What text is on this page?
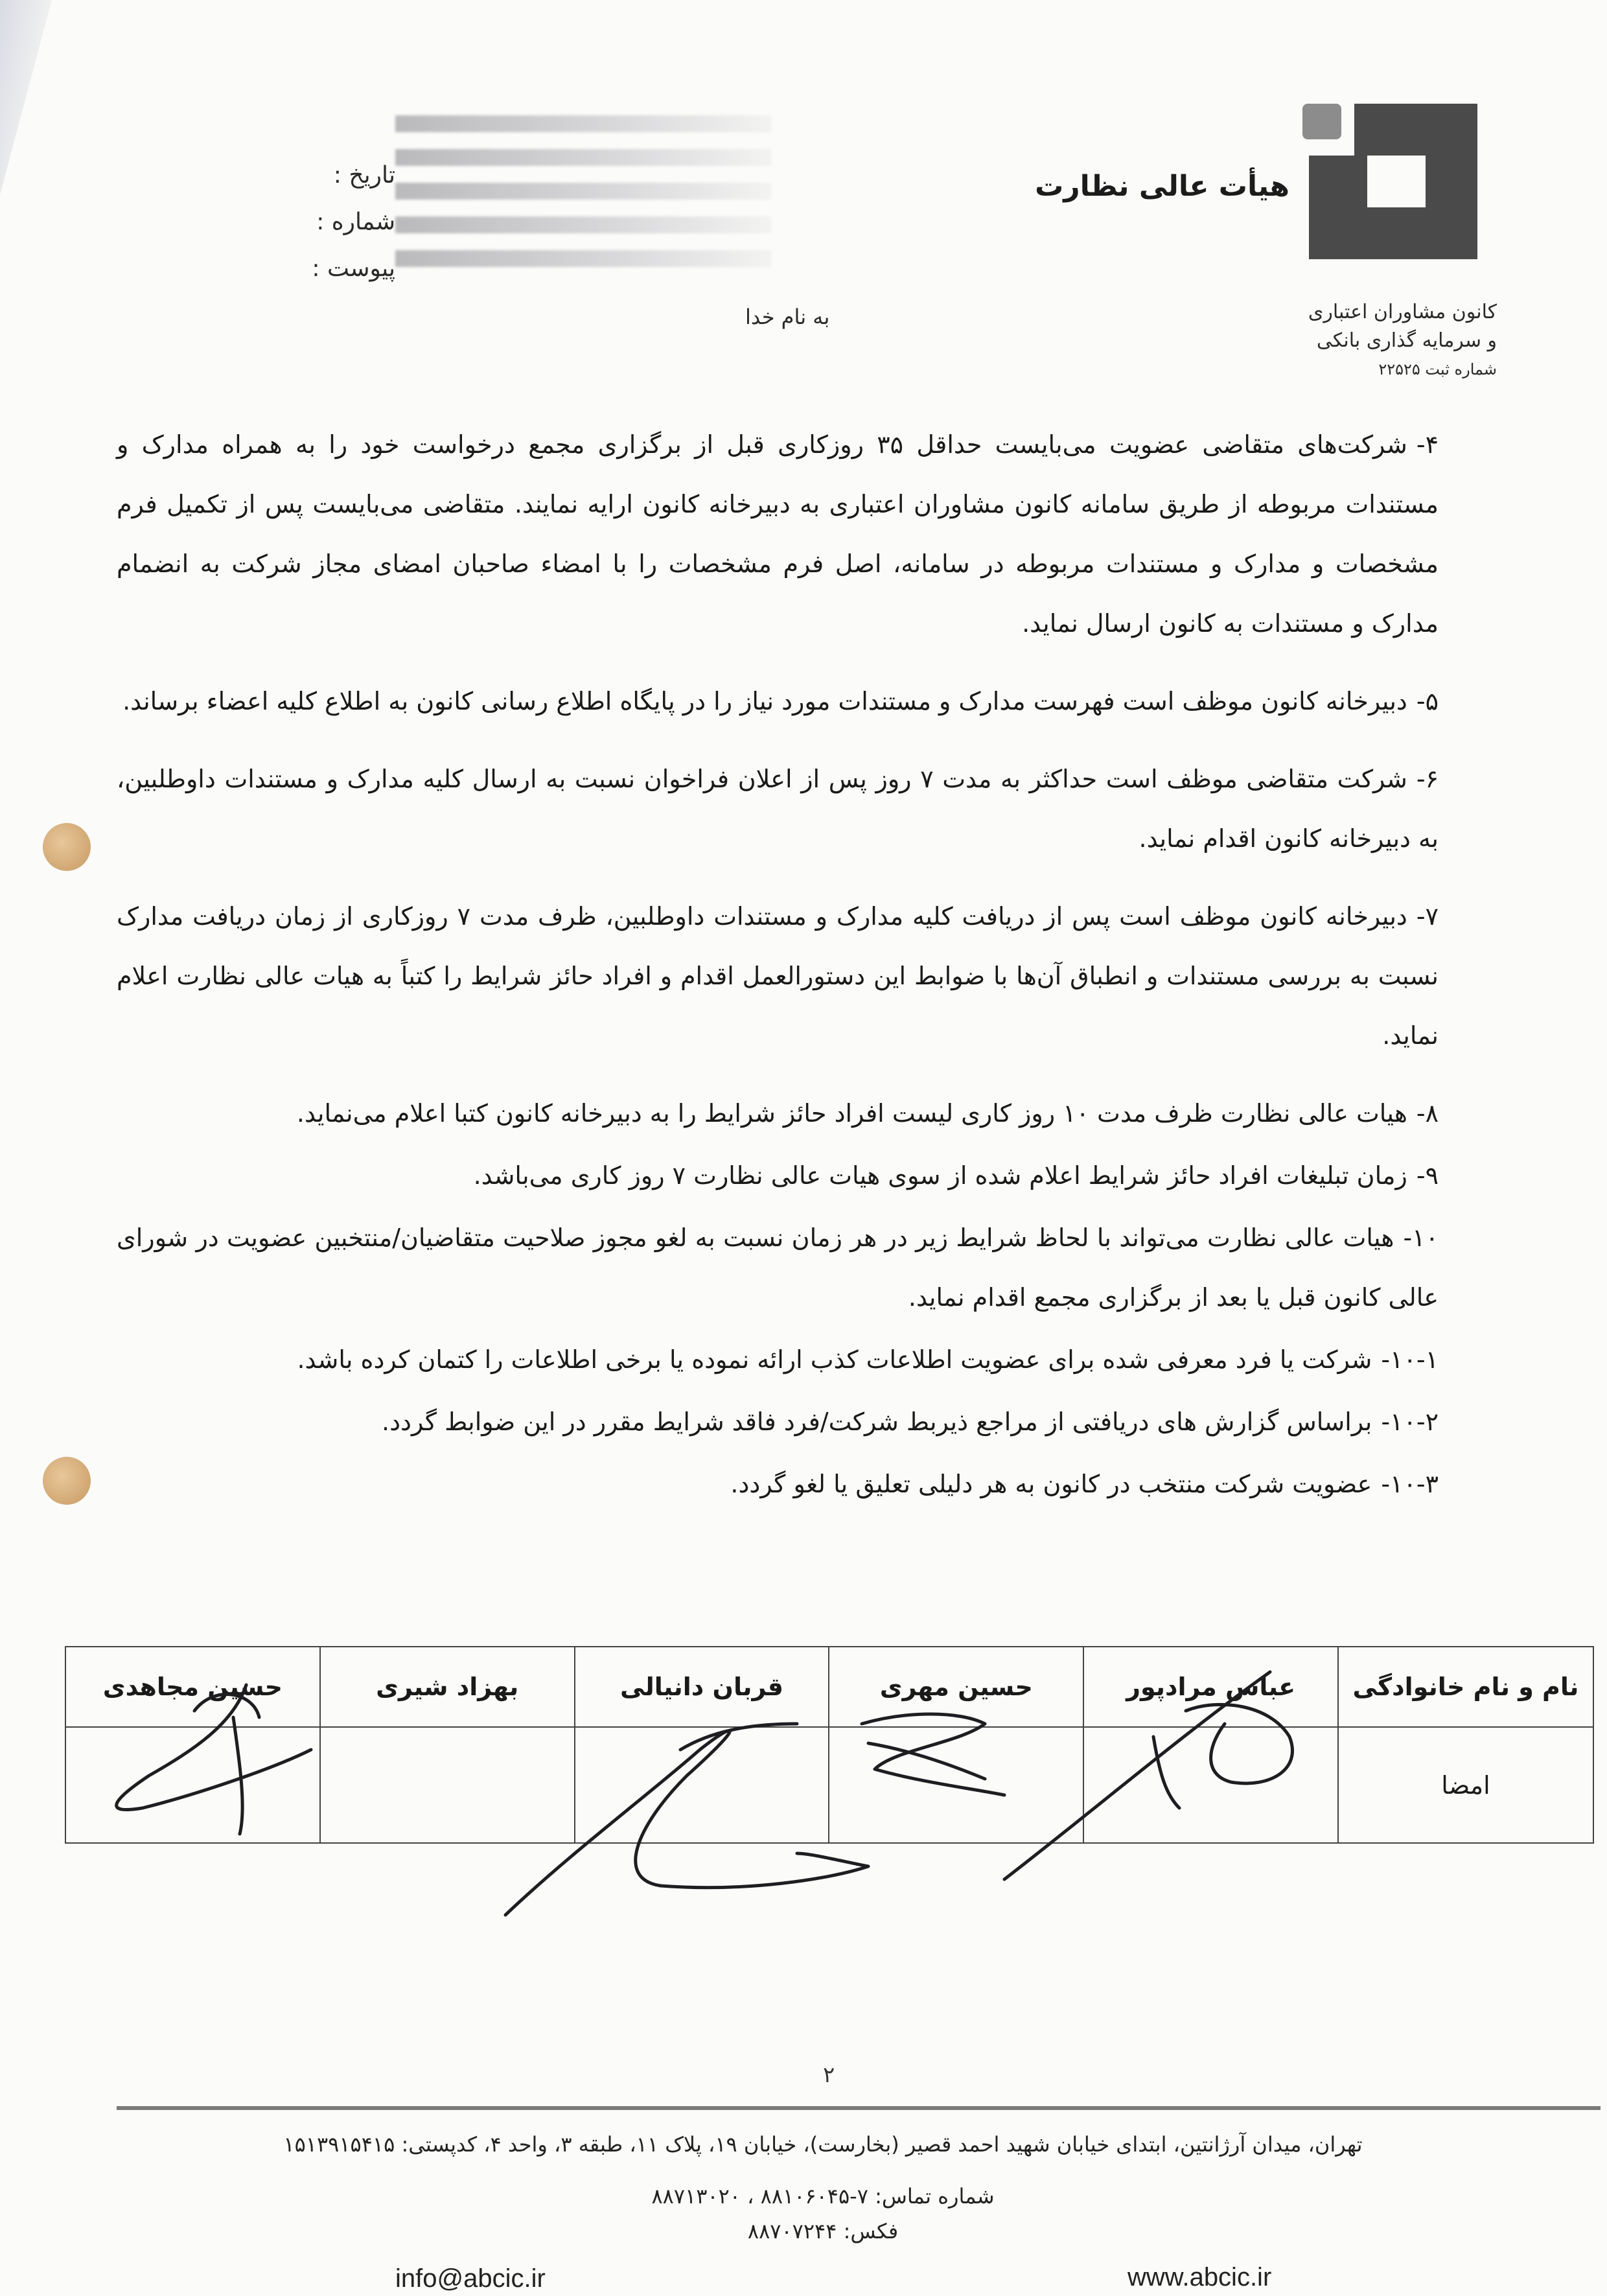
هیأت عالی نظارت
کانون مشاوران اعتباری
و سرمایه گذاری بانکی
شماره ثبت ۲۲۵۲۵
تاریخ :
شماره :
پیوست :
به نام خدا

۴-شرکت‌های متقاضی عضویت می‌بایست حداقل ۳۵ روزکاری قبل از برگزاری مجمع درخواست خود را به همراه مدارک و مستندات مربوطه از طریق سامانه کانون مشاوران اعتباری به دبیرخانه کانون ارایه نمایند. متقاضی می‌بایست پس از تکمیل فرم مشخصات و مدارک و مستندات مربوطه در سامانه، اصل فرم مشخصات را با امضاء صاحبان امضای مجاز شرکت به انضمام مدارک و مستندات به کانون ارسال نماید.

۵-دبیرخانه کانون موظف است فهرست مدارک و مستندات مورد نیاز را در پایگاه اطلاع رسانی کانون به اطلاع کلیه اعضاء برساند.

۶-شرکت متقاضی موظف است حداکثر به مدت ۷ روز پس از اعلان فراخوان نسبت به ارسال کلیه مدارک و مستندات داوطلبین، به دبیرخانه کانون اقدام نماید.

۷-دبیرخانه کانون موظف است پس از دریافت کلیه مدارک و مستندات داوطلبین، ظرف مدت ۷ روزکاری از زمان دریافت مدارک نسبت به بررسی مستندات و انطباق آن‌ها با ضوابط این دستورالعمل اقدام و افراد حائز شرایط را کتباً به هیات عالی نظارت اعلام نماید.

۸-هیات عالی نظارت ظرف مدت ۱۰ روز کاری لیست افراد حائز شرایط را به دبیرخانه کانون کتبا اعلام می‌نماید.

۹-زمان تبلیغات افراد حائز شرایط اعلام شده از سوی هیات عالی نظارت ۷ روز کاری می‌باشد.

۱۰-هیات عالی نظارت می‌تواند با لحاظ شرایط زیر در هر زمان نسبت به لغو مجوز صلاحیت متقاضیان/منتخبین عضویت در شورای عالی کانون قبل یا بعد از برگزاری مجمع اقدام نماید.

۱۰-۱-شرکت یا فرد معرفی شده برای عضویت اطلاعات کذب ارائه نموده یا برخی اطلاعات را کتمان کرده باشد.

۱۰-۲-براساس گزارش های دریافتی از مراجع ذیربط شرکت/فرد فاقد شرایط مقرر در این ضوابط گردد.

۱۰-۳-عضویت شرکت منتخب در کانون به هر دلیلی تعلیق یا لغو گردد.

نام و نام خانوادگی	عباس مرادپور	حسین مهری	قربان دانیالی	بهزاد شیری	حسین مجاهدی
امضا					
۲
تهران، میدان آرژانتین، ابتدای خیابان شهید احمد قصیر (بخارست)، خیابان ۱۹، پلاک ۱۱، طبقه ۳، واحد ۴، کدپستی: ۱۵۱۳۹۱۵۴۱۵
شماره تماس: ۷-۸۸۱۰۶۰۴۵ ، ۸۸۷۱۳۰۲۰
فکس: ۸۸۷۰۷۲۴۴
www.abcic.ir
info@abcic.ir
